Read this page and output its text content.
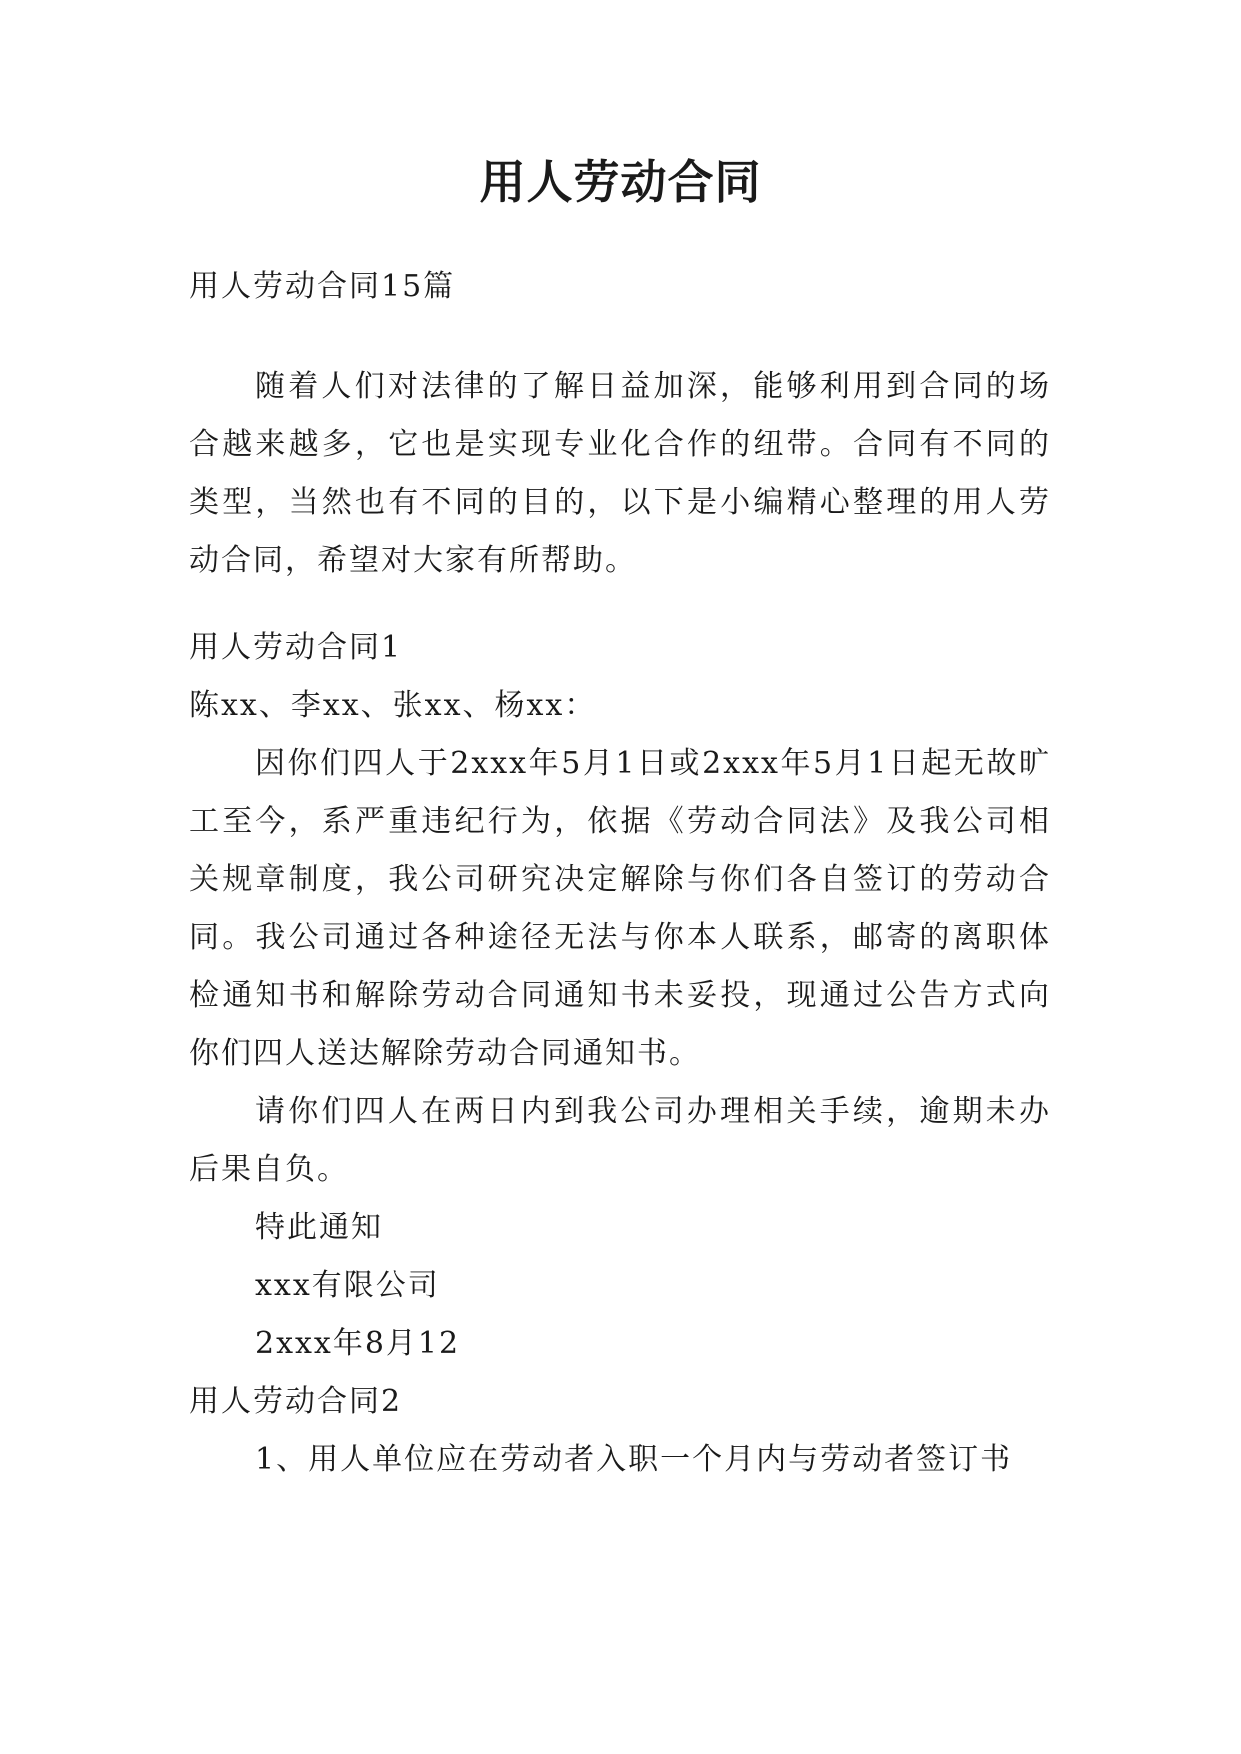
用人劳动合同

用人劳动合同15篇

随着人们对法律的了解日益加深，能够利用到合同的场合越来越多，它也是实现专业化合作的纽带。合同有不同的类型，当然也有不同的目的，以下是小编精心整理的用人劳动合同，希望对大家有所帮助。

用人劳动合同1

陈xx、李xx、张xx、杨xx：

因你们四人于2xxx年5月1日或2xxx年5月1日起无故旷工至今，系严重违纪行为，依据《劳动合同法》及我公司相关规章制度，我公司研究决定解除与你们各自签订的劳动合同。我公司通过各种途径无法与你本人联系，邮寄的离职体检通知书和解除劳动合同通知书未妥投，现通过公告方式向你们四人送达解除劳动合同通知书。

请你们四人在两日内到我公司办理相关手续，逾期未办后果自负。

特此通知

xxx有限公司

2xxx年8月12

用人劳动合同2

1、用人单位应在劳动者入职一个月内与劳动者签订书
